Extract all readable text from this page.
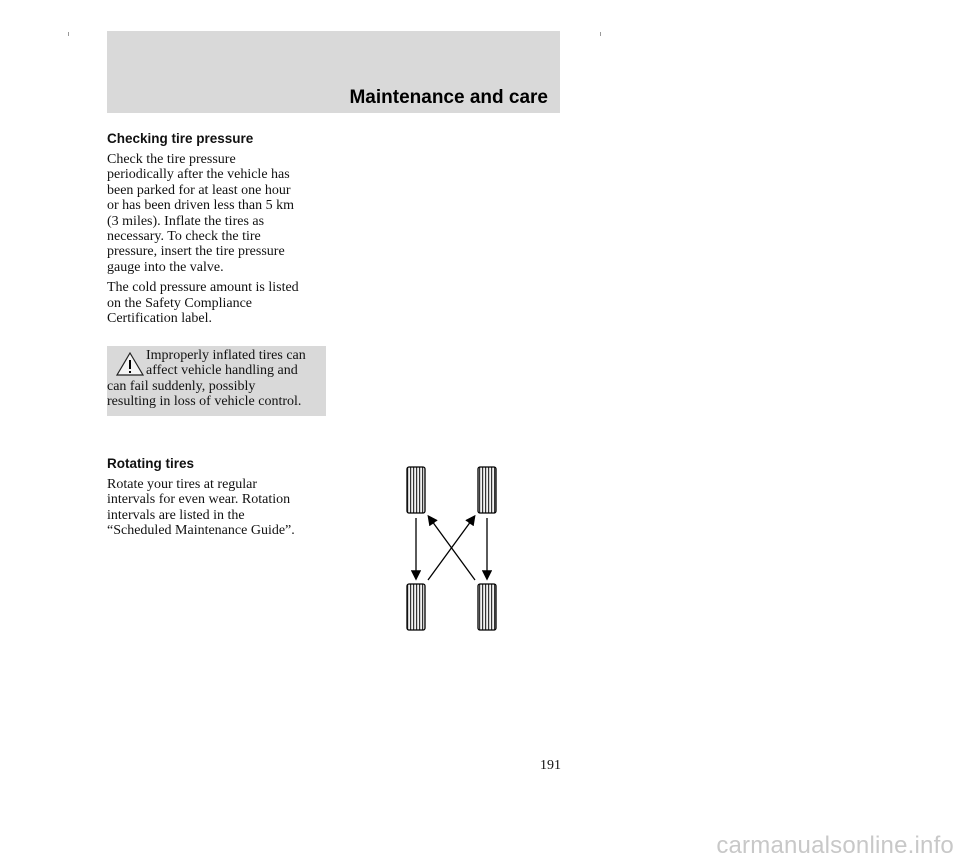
Maintenance and care
Checking tire pressure

Check the tire pressure
periodically after the vehicle has
been parked for at least one hour
or has been driven less than 5 km
(3 miles). Inflate the tires as
necessary. To check the tire
pressure, insert the tire pressure
gauge into the valve.

The cold pressure amount is listed
on the Safety Compliance
Certification label.

Improperly inflated tires can
affect vehicle handling and
can fail suddenly, possibly
resulting in loss of vehicle control.
Rotating tires

Rotate your tires at regular
intervals for even wear. Rotation
intervals are listed in the
“Scheduled Maintenance Guide”.

191
carmanualsonline.info
